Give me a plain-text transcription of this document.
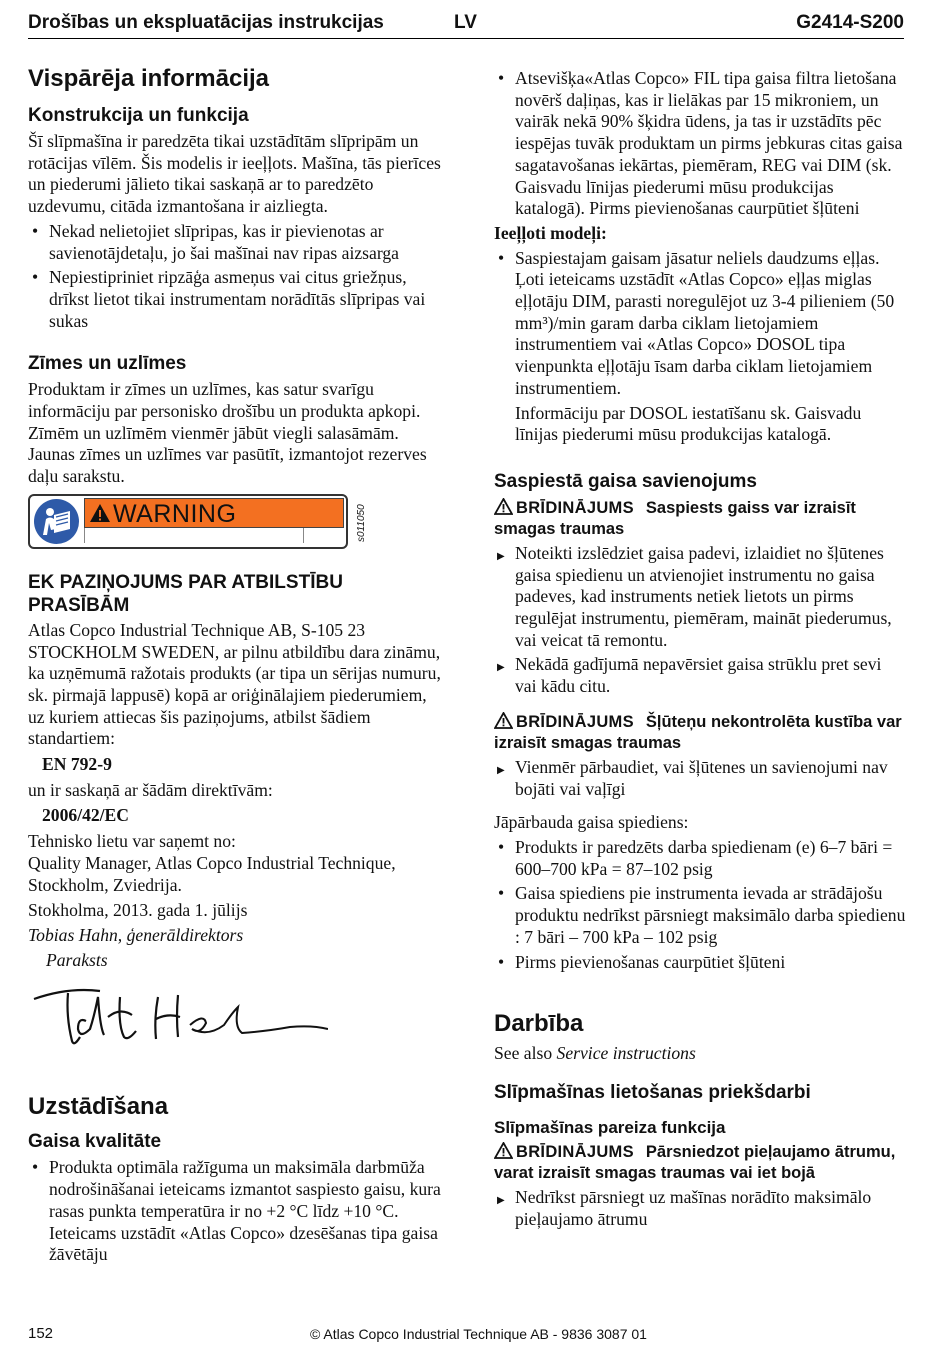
Drošības un ekspluatācijas instrukcijas	LV	G2414-S200
Vispārēja informācija
Konstrukcija un funkcija

Šī slīpmašīna ir paredzēta tikai uzstādītām slīpripām un rotācijas vīlēm. Šis modelis ir ieeļļots. Mašīna, tās pierīces un piederumi jālieto tikai saskaņā ar to paredzēto uzdevumu, citāda izmantošana ir aizliegta.

• Nekad nelietojiet slīpripas, kas ir pievienotas ar savienotājdetaļu, jo šai mašīnai nav ripas aizsarga
• Nepiestipriniet ripzāģa asmeņus vai citus griežņus, drīkst lietot tikai instrumentam norādītās slīpripas vai sukas
Zīmes un uzlīmes

Produktam ir zīmes un uzlīmes, kas satur svarīgu informāciju par personisko drošību un produkta apkopi. Zīmēm un uzlīmēm vienmēr jābūt viegli salasāmām. Jaunas zīmes un uzlīmes var pasūtīt, izmantojot rezerves daļu sarakstu.

WARNING	s011050
EK PAZIŅOJUMS PAR ATBILSTĪBU PRASĪBĀM

Atlas Copco Industrial Technique AB, S-105 23 STOCKHOLM SWEDEN, ar pilnu atbildību dara zināmu, ka uzņēmumā ražotais produkts (ar tipa un sērijas numuru, sk. pirmajā lappusē) kopā ar oriģinālajiem piederumiem, uz kuriem attiecas šis paziņojums, atbilst šādiem standartiem:

EN 792-9

un ir saskaņā ar šādām direktīvām:

2006/42/EC

Tehnisko lietu var saņemt no:

Quality Manager, Atlas Copco Industrial Technique, Stockholm, Zviedrija.

Stokholma, 2013. gada 1. jūlijs

Tobias Hahn, ģenerāldirektors

Paraksts

Uzstādīšana
Gaisa kvalitāte
• Produkta optimāla ražīguma un maksimāla darbmūža nodrošināšanai ieteicams izmantot saspiesto gaisu, kura rasas punkta temperatūra ir no +2 °C līdz +10 °C. Ieteicams uzstādīt «Atlas Copco» dzesēšanas tipa gaisa žāvētāju
• Atsevišķa«Atlas Copco» FIL tipa gaisa filtra lietošana novērš daļiņas, kas ir lielākas par 15 mikroniem, un vairāk nekā 90% šķidra ūdens, ja tas ir uzstādīts pēc iespējas tuvāk produktam un pirms jebkuras citas gaisa sagatavošanas iekārtas, piemēram, REG vai DIM (sk. Gaisvadu līnijas piederumi mūsu produkcijas katalogā). Pirms pievienošanas caurpūtiet šļūteni

Ieeļļoti modeļi:

• Saspiestajam gaisam jāsatur neliels daudzums eļļas. Ļoti ieteicams uzstādīt «Atlas Copco» eļļas miglas eļļotāju DIM, parasti noregulējot uz 3-4 pilieniem (50 mm³)/min garam darba ciklam lietojamiem instrumentiem vai «Atlas Copco» DOSOL tipa vienpunkta eļļotāju īsam darba ciklam lietojamiem instrumentiem.

Informāciju par DOSOL iestatīšanu sk. Gaisvadu līnijas piederumi mūsu produkcijas katalogā.

Saspiestā gaisa savienojums
BRĪDINĀJUMS Saspiests gaiss var izraisīt smagas traumas
▶ Noteikti izslēdziet gaisa padevi, izlaidiet no šļūtenes gaisa spiedienu un atvienojiet instrumentu no gaisa padeves, kad instruments netiek lietots un pirms regulējat instrumentu, piemēram, maināt piederumus, vai veicat tā remontu.
▶ Nekādā gadījumā nepavērsiet gaisa strūklu pret sevi vai kādu citu.
BRĪDINĀJUMS Šļūteņu nekontrolēta kustība var izraisīt smagas traumas
▶ Vienmēr pārbaudiet, vai šļūtenes un savienojumi nav bojāti vai vaļīgi

Jāpārbauda gaisa spiediens:

• Produkts ir paredzēts darba spiedienam (e) 6–7 bāri = 600–700 kPa = 87–102 psig
• Gaisa spiediens pie instrumenta ievada ar strādājošu produktu nedrīkst pārsniegt maksimālo darba spiedienu : 7 bāri – 700 kPa – 102 psig
• Pirms pievienošanas caurpūtiet šļūteni
Darbība

See also Service instructions

Slīpmašīnas lietošanas priekšdarbi
Slīpmašīnas pareiza funkcija
BRĪDINĀJUMS Pārsniedzot pieļaujamo ātrumu, varat izraisīt smagas traumas vai iet bojā
▶ Nedrīkst pārsniegt uz mašīnas norādīto maksimālo pieļaujamo ātrumu
152	© Atlas Copco Industrial Technique AB - 9836 3087 01
